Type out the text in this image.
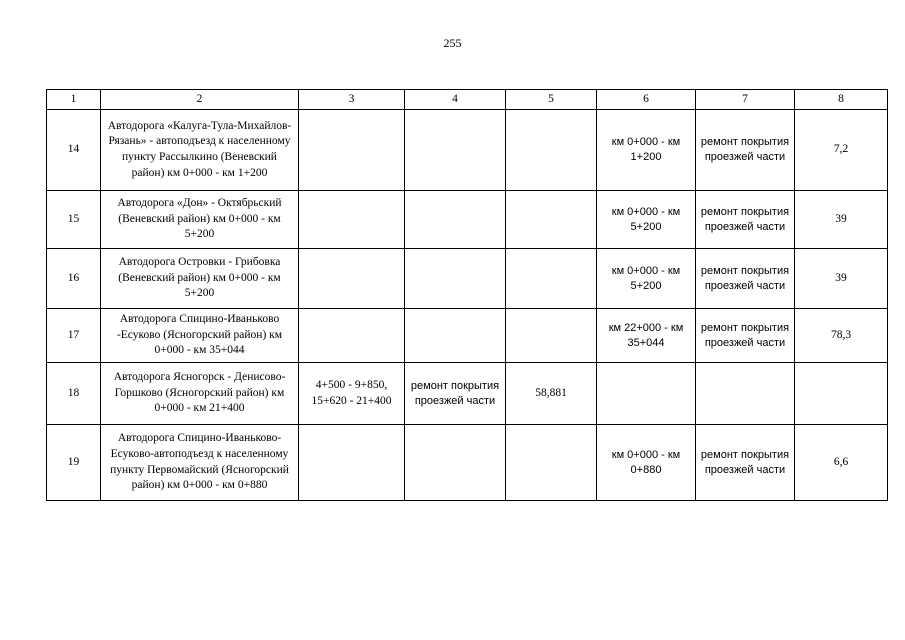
255
1	2	3	4	5	6	7	8
14	Автодорога «Калуга-Тула-Михайлов-Рязань» - автоподъезд к населенному пункту Рассылкино (Веневский район) км 0+000 - км 1+200				км 0+000 - км 1+200	ремонт покрытия проезжей части	7,2
15	Автодорога «Дон» - Октябрьский (Веневский район) км 0+000 - км 5+200				км 0+000 - км 5+200	ремонт покрытия проезжей части	39
16	Автодорога Островки - Грибовка (Веневский район) км 0+000 - км 5+200				км 0+000 - км 5+200	ремонт покрытия проезжей части	39
17	Автодорога Спицино-Иваньково -Есуково (Ясногорский район) км 0+000 - км 35+044				км 22+000 - км 35+044	ремонт покрытия проезжей части	78,3
18	Автодорога Ясногорск - Денисово-Горшково (Ясногорский район) км 0+000 - км 21+400	4+500 - 9+850, 15+620 - 21+400	ремонт покрытия проезжей части	58,881			
19	Автодорога Спицино-Иваньково-Есуково-автоподъезд к населенному пункту Первомайский (Ясногорский район) км 0+000 - км 0+880				км 0+000 - км 0+880	ремонт покрытия проезжей части	6,6
